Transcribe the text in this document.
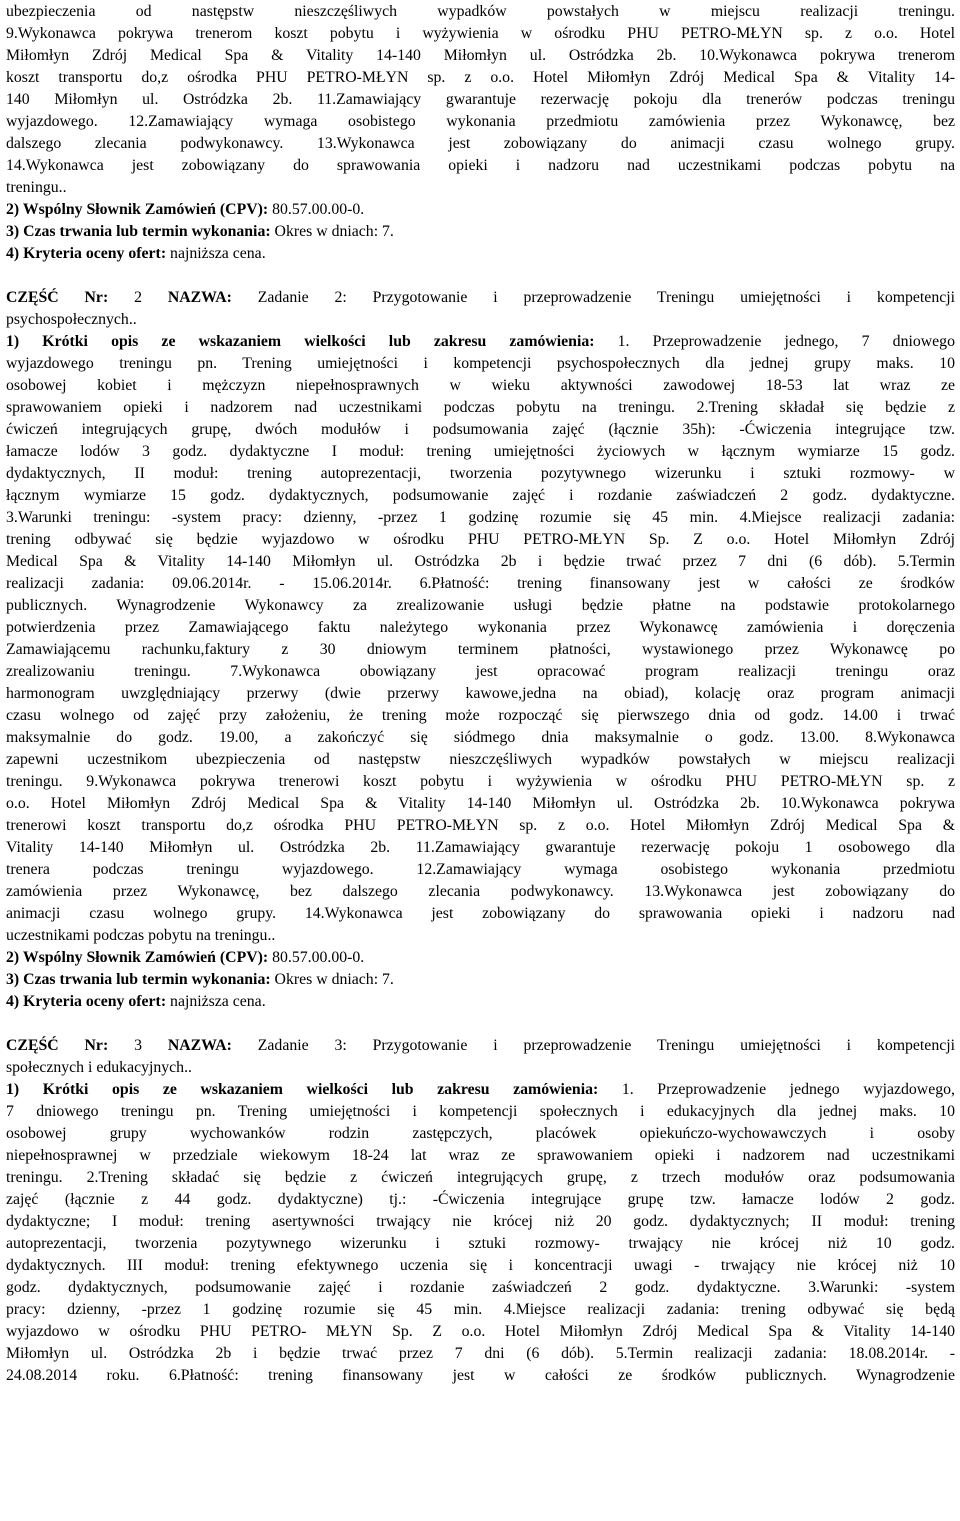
ubezpieczenia od następstw nieszczęśliwych wypadków powstałych w miejscu realizacji treningu.
9.Wykonawca pokrywa trenerom koszt pobytu i wyżywienia w ośrodku PHU PETRO-MŁYN sp. z o.o. Hotel
Miłomłyn Zdrój Medical Spa & Vitality 14-140 Miłomłyn ul. Ostródzka 2b. 10.Wykonawca pokrywa trenerom
koszt transportu do,z ośrodka PHU PETRO-MŁYN sp. z o.o. Hotel Miłomłyn Zdrój Medical Spa & Vitality 14-
140 Miłomłyn ul. Ostródzka 2b. 11.Zamawiający gwarantuje rezerwację pokoju dla trenerów podczas treningu
wyjazdowego. 12.Zamawiający wymaga osobistego wykonania przedmiotu zamówienia przez Wykonawcę, bez
dalszego zlecania podwykonawcy. 13.Wykonawca jest zobowiązany do animacji czasu wolnego grupy.
14.Wykonawca jest zobowiązany do sprawowania opieki i nadzoru nad uczestnikami podczas pobytu na
treningu..
2) Wspólny Słownik Zamówień (CPV): 80.57.00.00-0.
3) Czas trwania lub termin wykonania: Okres w dniach: 7.
4) Kryteria oceny ofert: najniższa cena.
CZĘŚĆ Nr: 2 NAZWA: Zadanie 2: Przygotowanie i przeprowadzenie Treningu umiejętności i kompetencji
psychospołecznych..
1) Krótki opis ze wskazaniem wielkości lub zakresu zamówienia: 1. Przeprowadzenie jednego, 7 dniowego
wyjazdowego treningu pn. Trening umiejętności i kompetencji psychospołecznych dla jednej grupy maks. 10
osobowej kobiet i mężczyzn niepełnosprawnych w wieku aktywności zawodowej 18-53 lat wraz ze
sprawowaniem opieki i nadzorem nad uczestnikami podczas pobytu na treningu. 2.Trening składał się będzie z
ćwiczeń integrujących grupę, dwóch modułów i podsumowania zajęć (łącznie 35h): -Ćwiczenia integrujące tzw.
łamacze lodów 3 godz. dydaktyczne I moduł: trening umiejętności życiowych w łącznym wymiarze 15 godz.
dydaktycznych, II moduł: trening autoprezentacji, tworzenia pozytywnego wizerunku i sztuki rozmowy- w
łącznym wymiarze 15 godz. dydaktycznych, podsumowanie zajęć i rozdanie zaświadczeń 2 godz. dydaktyczne.
3.Warunki treningu: -system pracy: dzienny, -przez 1 godzinę rozumie się 45 min. 4.Miejsce realizacji zadania:
trening odbywać się będzie wyjazdowo w ośrodku PHU PETRO-MŁYN Sp. Z o.o. Hotel Miłomłyn Zdrój
Medical Spa & Vitality 14-140 Miłomłyn ul. Ostródzka 2b i będzie trwać przez 7 dni (6 dób). 5.Termin
realizacji zadania: 09.06.2014r. - 15.06.2014r. 6.Płatność: trening finansowany jest w całości ze środków
publicznych. Wynagrodzenie Wykonawcy za zrealizowanie usługi będzie płatne na podstawie protokolarnego
potwierdzenia przez Zamawiającego faktu należytego wykonania przez Wykonawcę zamówienia i doręczenia
Zamawiającemu rachunku,faktury z 30 dniowym terminem płatności, wystawionego przez Wykonawcę po
zrealizowaniu treningu. 7.Wykonawca obowiązany jest opracować program realizacji treningu oraz
harmonogram uwzględniający przerwy (dwie przerwy kawowe,jedna na obiad), kolację oraz program animacji
czasu wolnego od zajęć przy założeniu, że trening może rozpocząć się pierwszego dnia od godz. 14.00 i trwać
maksymalnie do godz. 19.00, a zakończyć się siódmego dnia maksymalnie o godz. 13.00. 8.Wykonawca
zapewni uczestnikom ubezpieczenia od następstw nieszczęśliwych wypadków powstałych w miejscu realizacji
treningu. 9.Wykonawca pokrywa trenerowi koszt pobytu i wyżywienia w ośrodku PHU PETRO-MŁYN sp. z
o.o. Hotel Miłomłyn Zdrój Medical Spa & Vitality 14-140 Miłomłyn ul. Ostródzka 2b. 10.Wykonawca pokrywa
trenerowi koszt transportu do,z ośrodka PHU PETRO-MŁYN sp. z o.o. Hotel Miłomłyn Zdrój Medical Spa &
Vitality 14-140 Miłomłyn ul. Ostródzka 2b. 11.Zamawiający gwarantuje rezerwację pokoju 1 osobowego dla
trenera podczas treningu wyjazdowego. 12.Zamawiający wymaga osobistego wykonania przedmiotu
zamówienia przez Wykonawcę, bez dalszego zlecania podwykonawcy. 13.Wykonawca jest zobowiązany do
animacji czasu wolnego grupy. 14.Wykonawca jest zobowiązany do sprawowania opieki i nadzoru nad
uczestnikami podczas pobytu na treningu..
2) Wspólny Słownik Zamówień (CPV): 80.57.00.00-0.
3) Czas trwania lub termin wykonania: Okres w dniach: 7.
4) Kryteria oceny ofert: najniższa cena.
CZĘŚĆ Nr: 3 NAZWA: Zadanie 3: Przygotowanie i przeprowadzenie Treningu umiejętności i kompetencji
społecznych i edukacyjnych..
1) Krótki opis ze wskazaniem wielkości lub zakresu zamówienia: 1. Przeprowadzenie jednego wyjazdowego,
7 dniowego treningu pn. Trening umiejętności i kompetencji społecznych i edukacyjnych dla jednej maks. 10
osobowej grupy wychowanków rodzin zastępczych, placówek opiekuńczo-wychowawczych i osoby
niepełnosprawnej w przedziale wiekowym 18-24 lat wraz ze sprawowaniem opieki i nadzorem nad uczestnikami
treningu. 2.Trening składać się będzie z ćwiczeń integrujących grupę, z trzech modułów oraz podsumowania
zajęć (łącznie z 44 godz. dydaktyczne) tj.: -Ćwiczenia integrujące grupę tzw. łamacze lodów 2 godz.
dydaktyczne; I moduł: trening asertywności trwający nie krócej niż 20 godz. dydaktycznych; II moduł: trening
autoprezentacji, tworzenia pozytywnego wizerunku i sztuki rozmowy- trwający nie krócej niż 10 godz.
dydaktycznych. III moduł: trening efektywnego uczenia się i koncentracji uwagi - trwający nie krócej niż 10
godz. dydaktycznych, podsumowanie zajęć i rozdanie zaświadczeń 2 godz. dydaktyczne. 3.Warunki: -system
pracy: dzienny, -przez 1 godzinę rozumie się 45 min. 4.Miejsce realizacji zadania: trening odbywać się będą
wyjazdowo w ośrodku PHU PETRO- MŁYN Sp. Z o.o. Hotel Miłomłyn Zdrój Medical Spa & Vitality 14-140
Miłomłyn ul. Ostródzka 2b i będzie trwać przez 7 dni (6 dób). 5.Termin realizacji zadania: 18.08.2014r. -
24.08.2014 roku. 6.Płatność: trening finansowany jest w całości ze środków publicznych. Wynagrodzenie
